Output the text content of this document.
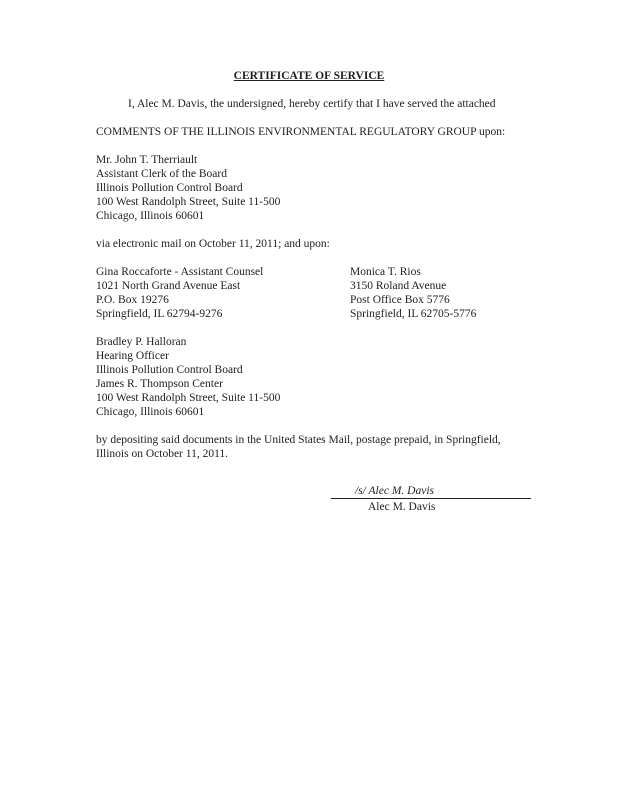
CERTIFICATE OF SERVICE
I, Alec M. Davis, the undersigned, hereby certify that I have served the attached
COMMENTS OF THE ILLINOIS ENVIRONMENTAL REGULATORY GROUP upon:
Mr. John T. Therriault
Assistant Clerk of the Board
Illinois Pollution Control Board
100 West Randolph Street, Suite 11-500
Chicago, Illinois 60601
via electronic mail on October 11, 2011; and upon:
Gina Roccaforte - Assistant Counsel
1021 North Grand Avenue East
P.O. Box 19276
Springfield, IL 62794-9276
Monica T. Rios
3150 Roland Avenue
Post Office Box 5776
Springfield, IL 62705-5776
Bradley P. Halloran
Hearing Officer
Illinois Pollution Control Board
James R. Thompson Center
100 West Randolph Street, Suite 11-500
Chicago, Illinois 60601
by depositing said documents in the United States Mail, postage prepaid, in Springfield,
Illinois on October 11, 2011.
/s/ Alec M. Davis
Alec M. Davis
